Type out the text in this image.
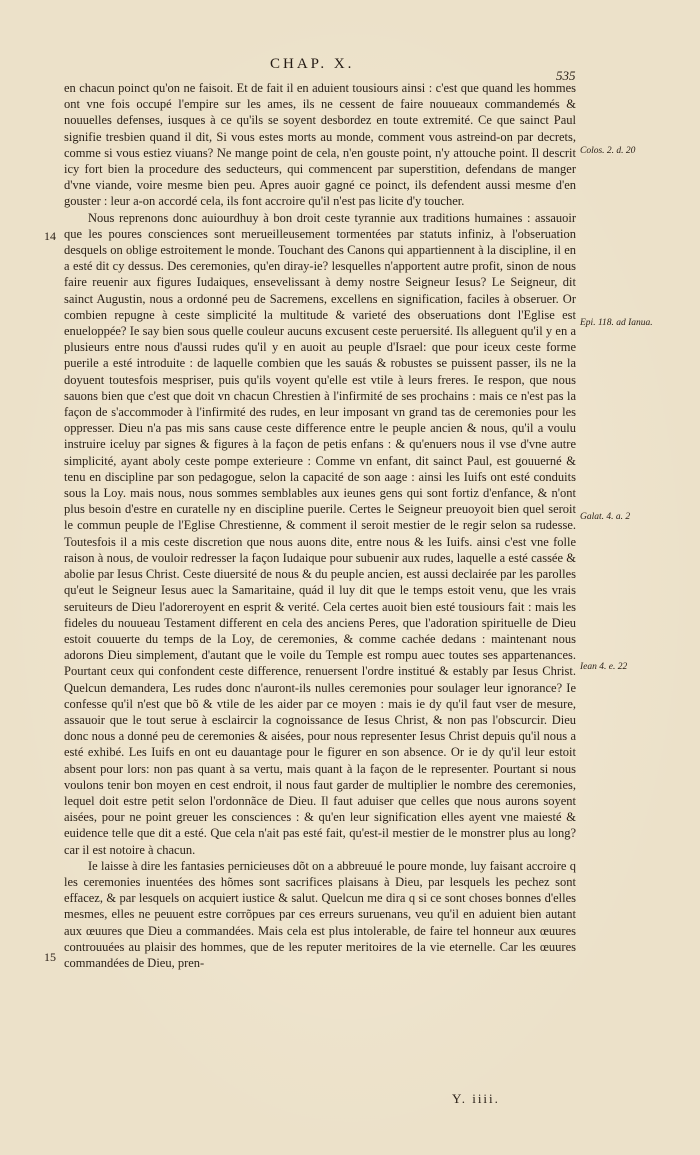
CHAP. X.
535
14
15
Colos. 2. d. 20
Epi. 118. ad Ianua.
Galat. 4. a. 2
Iean 4. e. 22

en chacun poinct qu'on ne faisoit. Et de fait il en aduient tousiours ainsi : c'est que quand les hommes ont vne fois occupé l'empire sur les ames, ils ne cessent de faire nouueaux commandemés & nouuelles defenses, iusques à ce qu'ils se soyent desbordez en toute extremité. Ce que sainct Paul signifie tresbien quand il dit, Si vous estes morts au monde, comment vous astreind-on par decrets, comme si vous estiez viuans? Ne mange point de cela, n'en gouste point, n'y attouche point. Il descrit icy fort bien la procedure des seducteurs, qui commencent par superstition, defendans de manger d'vne viande, voire mesme bien peu. Apres auoir gagné ce poinct, ils defendent aussi mesme d'en gouster : leur a-on accordé cela, ils font accroire qu'il n'est pas licite d'y toucher.

Nous reprenons donc auiourdhuy à bon droit ceste tyrannie aux traditions humaines : assauoir que les poures consciences sont merueilleusement tormentées par statuts infiniz, à l'obseruation desquels on oblige estroitement le monde. Touchant des Canons qui appartiennent à la discipline, il en a esté dit cy dessus. Des ceremonies, qu'en diray-ie? lesquelles n'apportent autre profit, sinon de nous faire reuenir aux figures Iudaiques, ensevelissant à demy nostre Seigneur Iesus? Le Seigneur, dit sainct Augustin, nous a ordonné peu de Sacremens, excellens en signification, faciles à obseruer. Or combien repugne à ceste simplicité la multitude & varieté des obseruations dont l'Eglise est enueloppée? Ie say bien sous quelle couleur aucuns excusent ceste peruersité. Ils alleguent qu'il y en a plusieurs entre nous d'aussi rudes qu'il y en auoit au peuple d'Israel: que pour iceux ceste forme puerile a esté introduite : de laquelle combien que les sauás & robustes se puissent passer, ils ne la doyuent toutesfois mespriser, puis qu'ils voyent qu'elle est vtile à leurs freres. Ie respon, que nous sauons bien que c'est que doit vn chacun Chrestien à l'infirmité de ses prochains : mais ce n'est pas la façon de s'accommoder à l'infirmité des rudes, en leur imposant vn grand tas de ceremonies pour les oppresser. Dieu n'a pas mis sans cause ceste difference entre le peuple ancien & nous, qu'il a voulu instruire iceluy par signes & figures à la façon de petis enfans : & qu'enuers nous il vse d'vne autre simplicité, ayant aboly ceste pompe exterieure : Comme vn enfant, dit sainct Paul, est gouuerné & tenu en discipline par son pedagogue, selon la capacité de son aage : ainsi les Iuifs ont esté conduits sous la Loy. mais nous, nous sommes semblables aux ieunes gens qui sont fortiz d'enfance, & n'ont plus besoin d'estre en curatelle ny en discipline puerile. Certes le Seigneur preuoyoit bien quel seroit le commun peuple de l'Eglise Chrestienne, & comment il seroit mestier de le regir selon sa rudesse. Toutesfois il a mis ceste discretion que nous auons dite, entre nous & les Iuifs. ainsi c'est vne folle raison à nous, de vouloir redresser la façon Iudaique pour subuenir aux rudes, laquelle a esté cassée & abolie par Iesus Christ. Ceste diuersité de nous & du peuple ancien, est aussi declairée par les parolles qu'eut le Seigneur Iesus auec la Samaritaine, quád il luy dit que le temps estoit venu, que les vrais seruiteurs de Dieu l'adoreroyent en esprit & verité. Cela certes auoit bien esté tousiours fait : mais les fideles du nouueau Testament different en cela des anciens Peres, que l'adoration spirituelle de Dieu estoit couuerte du temps de la Loy, de ceremonies, & comme cachée dedans : maintenant nous adorons Dieu simplement, d'autant que le voile du Temple est rompu auec toutes ses appartenances. Pourtant ceux qui confondent ceste difference, renuersent l'ordre institué & estably par Iesus Christ. Quelcun demandera, Les rudes donc n'auront-ils nulles ceremonies pour soulager leur ignorance? Ie confesse qu'il n'est que bõ & vtile de les aider par ce moyen : mais ie dy qu'il faut vser de mesure, assauoir que le tout serue à esclaircir la cognoissance de Iesus Christ, & non pas l'obscurcir. Dieu donc nous a donné peu de ceremonies & aisées, pour nous representer Iesus Christ depuis qu'il nous a esté exhibé. Les Iuifs en ont eu dauantage pour le figurer en son absence. Or ie dy qu'il leur estoit absent pour lors: non pas quant à sa vertu, mais quant à la façon de le representer. Pourtant si nous voulons tenir bon moyen en cest endroit, il nous faut garder de multiplier le nombre des ceremonies, lequel doit estre petit selon l'ordonnãce de Dieu. Il faut aduiser que celles que nous aurons soyent aisées, pour ne point greuer les consciences : & qu'en leur signification elles ayent vne maiesté & euidence telle que dit a esté. Que cela n'ait pas esté fait, qu'est-il mestier de le monstrer plus au long? car il est notoire à chacun.

Ie laisse à dire les fantasies pernicieuses dõt on a abbreuué le poure monde, luy faisant accroire q les ceremonies inuentées des hõmes sont sacrifices plaisans à Dieu, par lesquels les pechez sont effacez, & par lesquels on acquiert iustice & salut. Quelcun me dira q si ce sont choses bonnes d'elles mesmes, elles ne peuuent estre corrõpues par ces erreurs suruenans, veu qu'il en aduient bien autant aux œuures que Dieu a commandées. Mais cela est plus intolerable, de faire tel honneur aux œuures controuuées au plaisir des hommes, que de les reputer meritoires de la vie eternelle. Car les œuures commandées de Dieu, pren-

Y. iiii.
